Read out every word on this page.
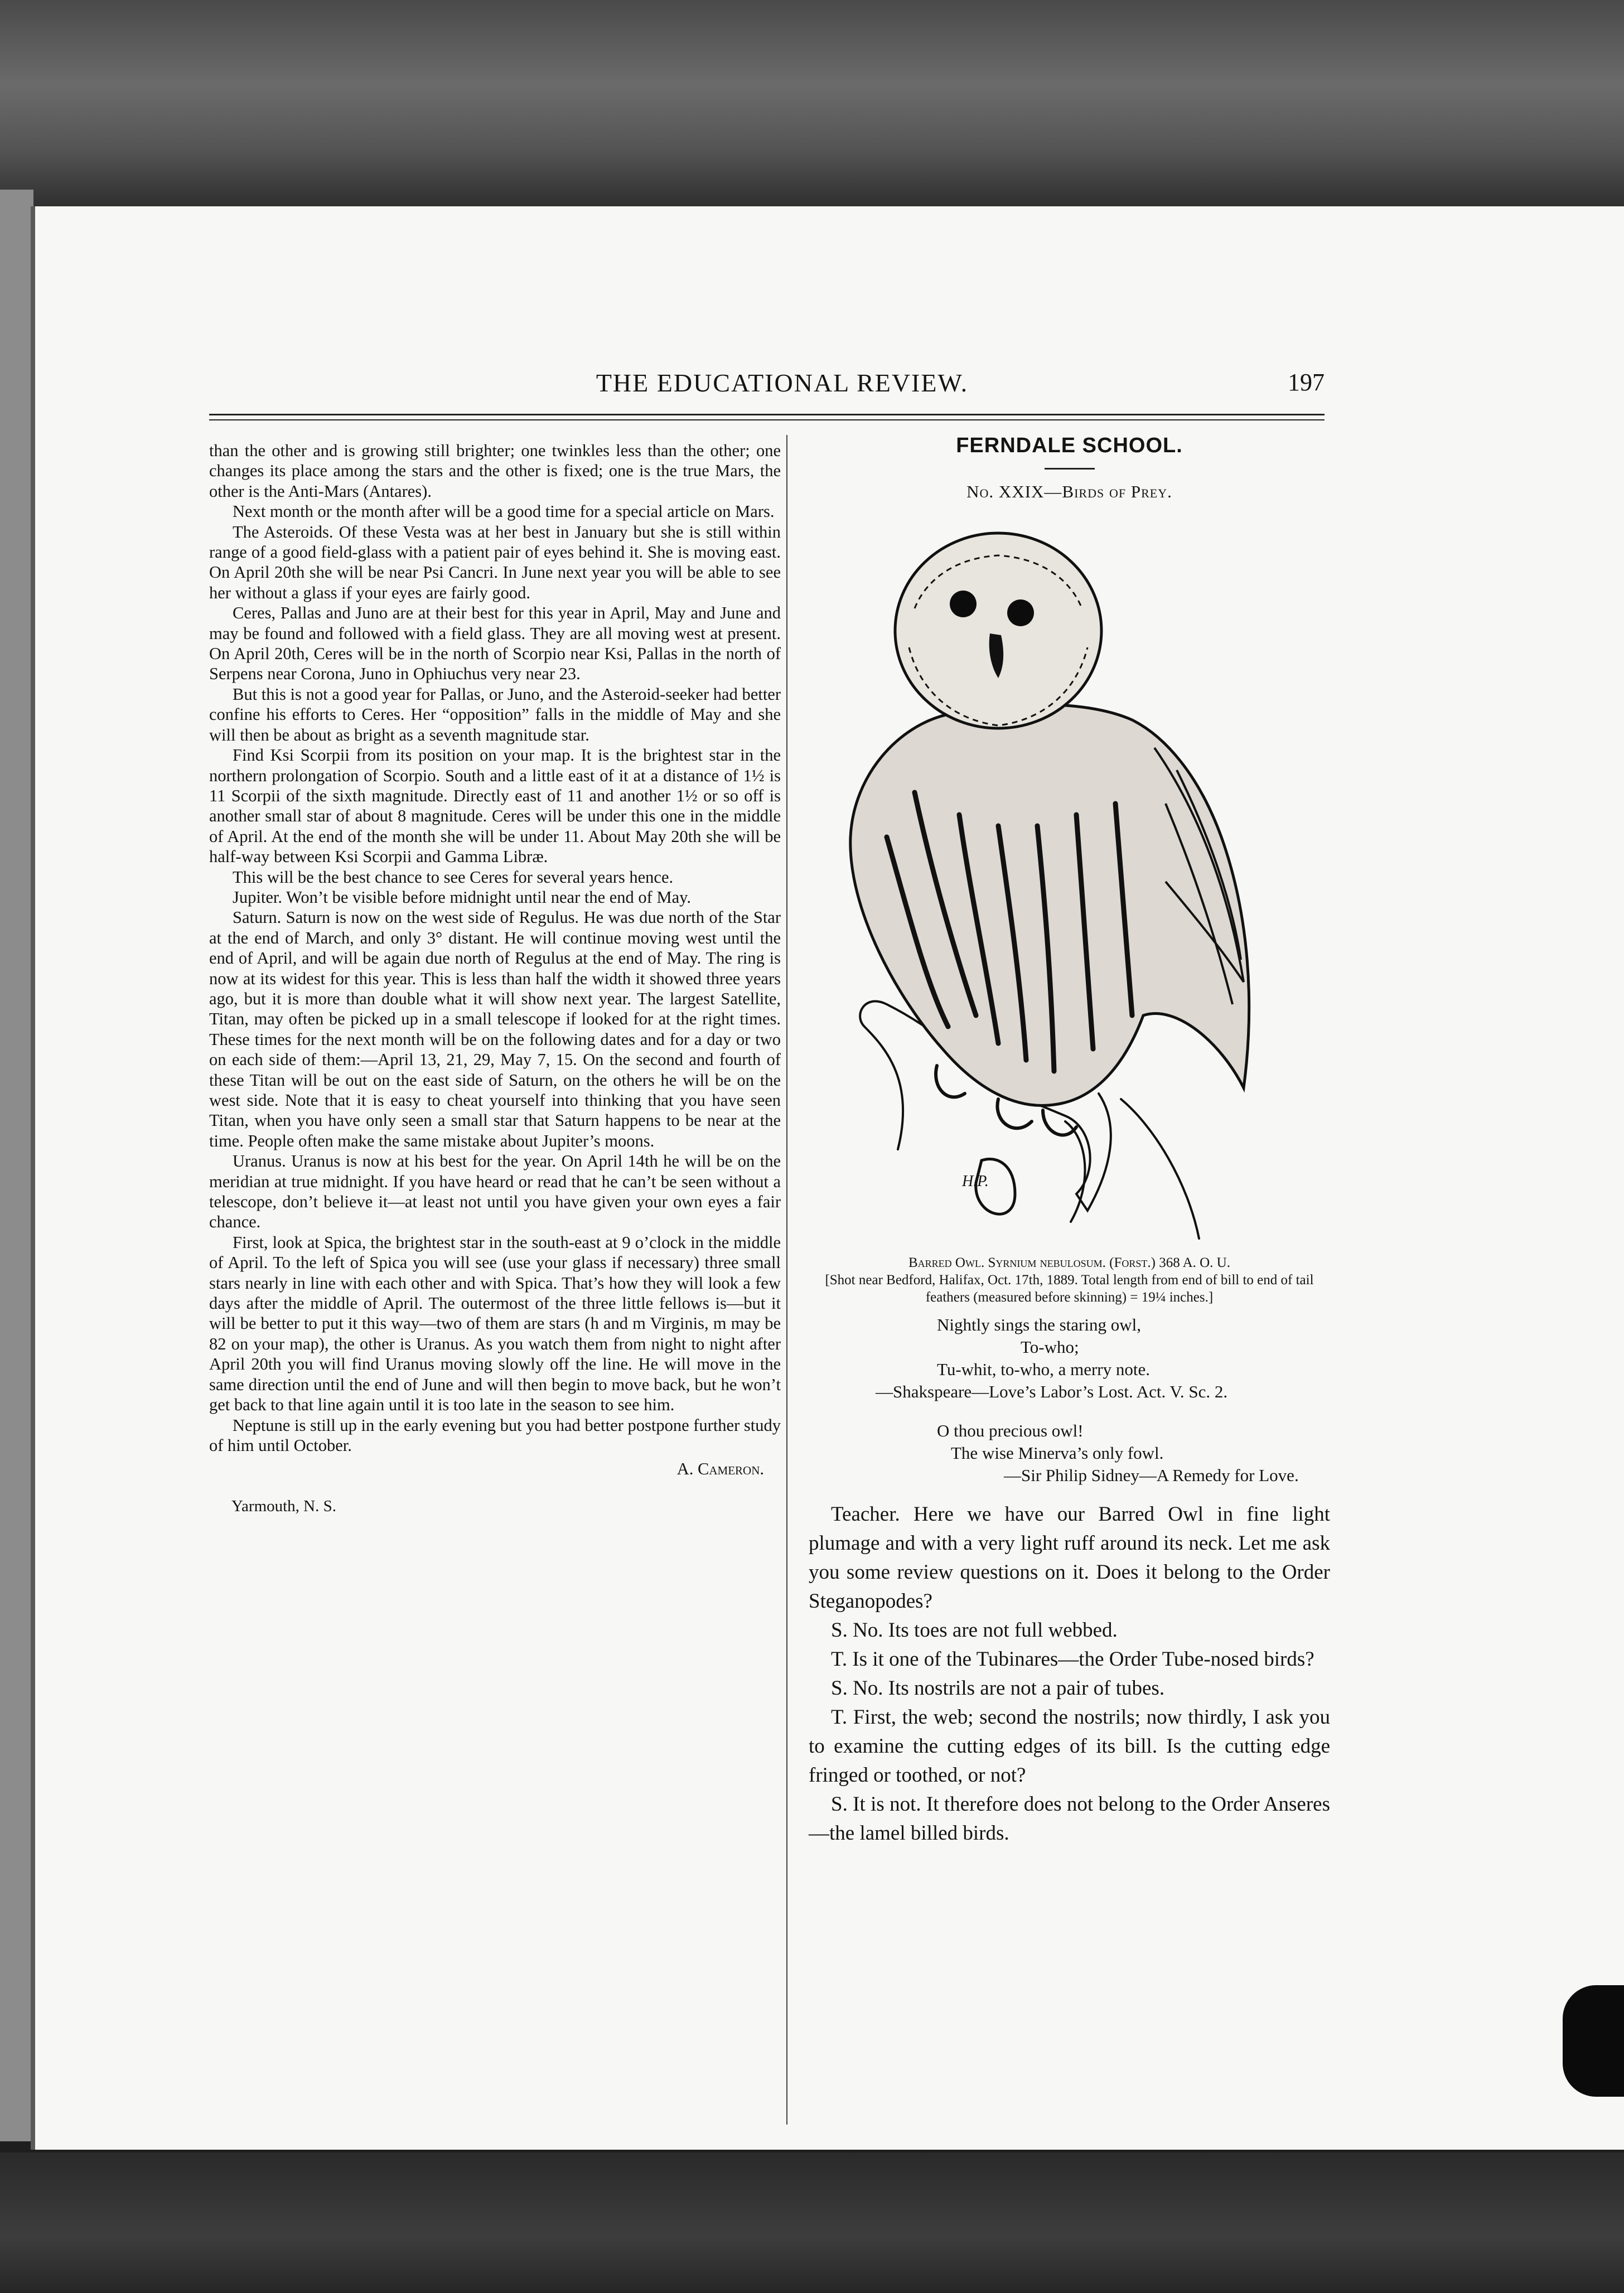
THE EDUCATIONAL REVIEW.	197

than the other and is growing still brighter; one twinkles less than the other; one changes its place among the stars and the other is fixed; one is the true Mars, the other is the Anti-Mars (Antares).

Next month or the month after will be a good time for a special article on Mars.

The Asteroids. Of these Vesta was at her best in January but she is still within range of a good field-glass with a patient pair of eyes behind it. She is moving east. On April 20th she will be near Psi Cancri. In June next year you will be able to see her without a glass if your eyes are fairly good.

Ceres, Pallas and Juno are at their best for this year in April, May and June and may be found and followed with a field glass. They are all moving west at present. On April 20th, Ceres will be in the north of Scorpio near Ksi, Pallas in the north of Serpens near Corona, Juno in Ophiuchus very near 23.

But this is not a good year for Pallas, or Juno, and the Asteroid-seeker had better confine his efforts to Ceres. Her “opposition” falls in the middle of May and she will then be about as bright as a seventh magnitude star.

Find Ksi Scorpii from its position on your map. It is the brightest star in the northern prolongation of Scorpio. South and a little east of it at a distance of 1½ is 11 Scorpii of the sixth magnitude. Directly east of 11 and another 1½ or so off is another small star of about 8 magnitude. Ceres will be under this one in the middle of April. At the end of the month she will be under 11. About May 20th she will be half-way between Ksi Scorpii and Gamma Libræ.

This will be the best chance to see Ceres for several years hence.

Jupiter. Won’t be visible before midnight until near the end of May.

Saturn. Saturn is now on the west side of Regulus. He was due north of the Star at the end of March, and only 3° distant. He will continue moving west until the end of April, and will be again due north of Regulus at the end of May. The ring is now at its widest for this year. This is less than half the width it showed three years ago, but it is more than double what it will show next year. The largest Satellite, Titan, may often be picked up in a small telescope if looked for at the right times. These times for the next month will be on the following dates and for a day or two on each side of them:—April 13, 21, 29, May 7, 15. On the second and fourth of these Titan will be out on the east side of Saturn, on the others he will be on the west side. Note that it is easy to cheat yourself into thinking that you have seen Titan, when you have only seen a small star that Saturn happens to be near at the time. People often make the same mistake about Jupiter’s moons.

Uranus. Uranus is now at his best for the year. On April 14th he will be on the meridian at true midnight. If you have heard or read that he can’t be seen without a telescope, don’t believe it—at least not until you have given your own eyes a fair chance.

First, look at Spica, the brightest star in the south-east at 9 o’clock in the middle of April. To the left of Spica you will see (use your glass if necessary) three small stars nearly in line with each other and with Spica. That’s how they will look a few days after the middle of April. The outermost of the three little fellows is—but it will be better to put it this way—two of them are stars (h and m Virginis, m may be 82 on your map), the other is Uranus. As you watch them from night to night after April 20th you will find Uranus moving slowly off the line. He will move in the same direction until the end of June and will then begin to move back, but he won’t get back to that line again until it is too late in the season to see him.

Neptune is still up in the early evening but you had better postpone further study of him until October.

A. Cameron.

Yarmouth, N. S.

FERNDALE SCHOOL.
No. XXIX—Birds of Prey.
H.P.
Barred Owl. Syrnium nebulosum. (Forst.) 368 A. O. U.
[Shot near Bedford, Halifax, Oct. 17th, 1889. Total length from end of bill to end of tail feathers (measured before skinning) = 19¼ inches.]
Nightly sings the staring owl,
To-who;
Tu-whit, to-who, a merry note.
—Shakspeare—Love’s Labor’s Lost. Act. V. Sc. 2.
O thou precious owl!
The wise Minerva’s only fowl.
—Sir Philip Sidney—A Remedy for Love.

Teacher. Here we have our Barred Owl in fine light plumage and with a very light ruff around its neck. Let me ask you some review questions on it. Does it belong to the Order Steganopodes?

S. No. Its toes are not full webbed.

T. Is it one of the Tubinares—the Order Tube-nosed birds?

S. No. Its nostrils are not a pair of tubes.

T. First, the web; second the nostrils; now thirdly, I ask you to examine the cutting edges of its bill. Is the cutting edge fringed or toothed, or not?

S. It is not. It therefore does not belong to the Order Anseres—the lamel billed birds.
